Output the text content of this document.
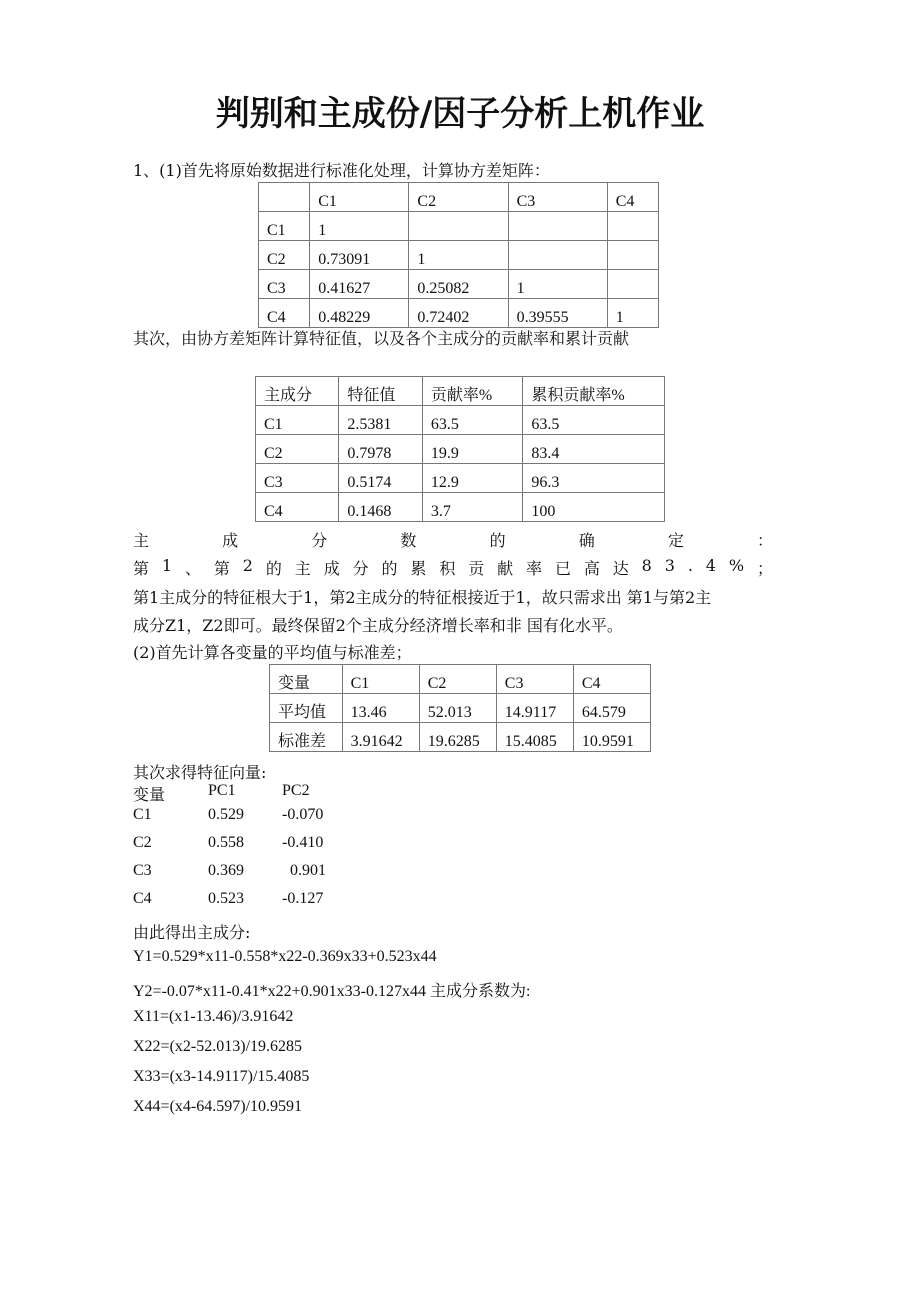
判别和主成份/因子分析上机作业
1、(1)首先将原始数据进行标准化处理，计算协方差矩阵：
	C1	C2	C3	C4
C1	1			
C2	0.73091	1		
C3	0.41627	0.25082	1	
C4	0.48229	0.72402	0.39555	1
其次，由协方差矩阵计算特征值，以及各个主成分的贡献率和累计贡献
主成分	特征值	贡献率%	累积贡献率%
C1	2.5381	63.5	63.5
C2	0.7978	19.9	83.4
C3	0.5174	12.9	96.3
C4	0.1468	3.7	100
主	成	分	数	的	确	定	：
第 1 、 第 2 的 主 成 分 的 累 积 贡 献 率 已 高 达 8 3 . 4 % ；
第1主成分的特征根大于1，第2主成分的特征根接近于1，故只需求出 第1与第2主
成分Z1，Z2即可。最终保留2个主成分经济增长率和非 国有化水平。
(2)首先计算各变量的平均值与标准差；
变量	C1	C2	C3	C4
平均值	13.46	52.013	14.9117	64.579
标准差	3.91642	19.6285	15.4085	10.9591
其次求得特征向量:
变量	PC1	PC2
C1	0.529 -0.070
C2	0.558 -0.410
C3	0.369	0.901
C4	0.523 -0.127
由此得出主成分:
Y1=0.529*x11-0.558*x22-0.369x33+0.523x44
Y2=-0.07*x11-0.41*x22+0.901x33-0.127x44 主成分系数为:
X11=(x1-13.46)/3.91642
X22=(x2-52.013)/19.6285
X33=(x3-14.9117)/15.4085
X44=(x4-64.597)/10.9591
